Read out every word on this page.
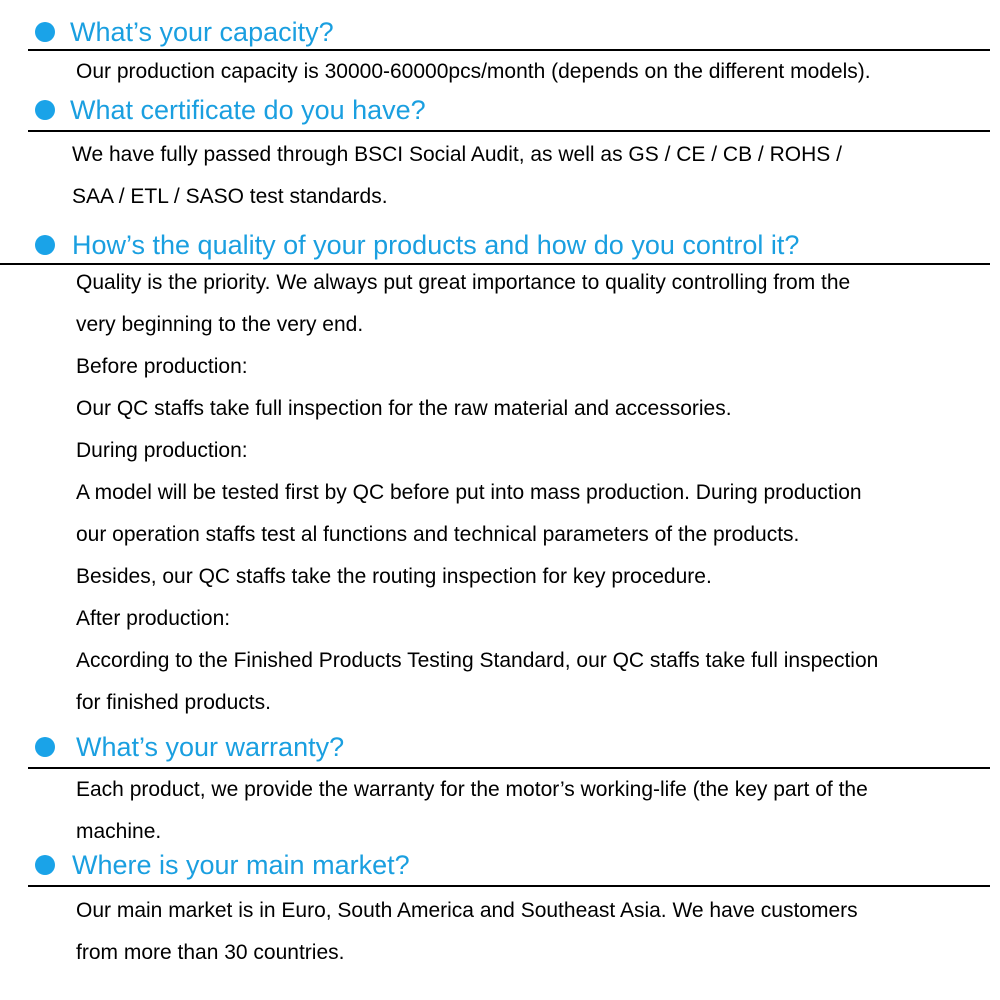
What’s your capacity?
Our production capacity is 30000-60000pcs/month (depends on the different models).
What certificate do you have?
We have fully passed through BSCI Social Audit, as well as GS / CE / CB / ROHS /
SAA / ETL / SASO test standards.
How’s the quality of your products and how do you control it?
Quality is the priority. We always put great importance to quality controlling from the
very beginning to the very end.
Before production:
Our QC staffs take full inspection for the raw material and accessories.
During production:
A model will be tested first by QC before put into mass production. During production
our operation staffs test al functions and technical parameters of the products.
Besides, our QC staffs take the routing inspection for key procedure.
After production:
According to the Finished Products Testing Standard, our QC staffs take full inspection
for finished products.
What’s your warranty?
Each product, we provide the warranty for the motor’s working-life (the key part of the
machine.
Where is your main market?
Our main market is in Euro, South America and Southeast Asia. We have customers
from more than 30 countries.
